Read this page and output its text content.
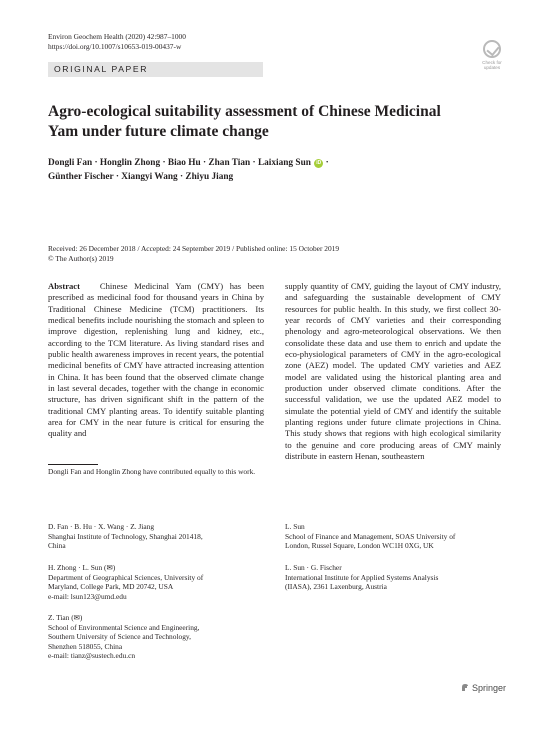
Environ Geochem Health (2020) 42:987–1000
https://doi.org/10.1007/s10653-019-00437-w
Check for
updates
ORIGINAL PAPER
Agro-ecological suitability assessment of Chinese Medicinal
Yam under future climate change
Dongli Fan · Honglin Zhong · Biao Hu · Zhan Tian · Laixiang Sun iD ·
Günther Fischer · Xiangyi Wang · Zhiyu Jiang
Received: 26 December 2018 / Accepted: 24 September 2019 / Published online: 15 October 2019
© The Author(s) 2019
Abstract Chinese Medicinal Yam (CMY) has been prescribed as medicinal food for thousand years in China by Traditional Chinese Medicine (TCM) practitioners. Its medical benefits include nourishing the stomach and spleen to improve digestion, replenishing lung and kidney, etc., according to the TCM literature. As living standard rises and public health awareness improves in recent years, the potential medicinal benefits of CMY have attracted increasing attention in China. It has been found that the observed climate change in last several decades, together with the change in economic structure, has driven significant shift in the pattern of the traditional CMY planting areas. To identify suitable planting area for CMY in the near future is critical for ensuring the quality and
supply quantity of CMY, guiding the layout of CMY industry, and safeguarding the sustainable development of CMY resources for public health. In this study, we first collect 30-year records of CMY varieties and their corresponding phenology and agro-meteorological observations. We then consolidate these data and use them to enrich and update the eco-physiological parameters of CMY in the agro-ecological zone (AEZ) model. The updated CMY varieties and AEZ model are validated using the historical planting area and production under observed climate conditions. After the successful validation, we use the updated AEZ model to simulate the potential yield of CMY and identify the suitable planting regions under future climate projections in China. This study shows that regions with high ecological similarity to the genuine and core producing areas of CMY mainly distribute in eastern Henan, southeastern
Dongli Fan and Honglin Zhong have contributed equally to this work.
D. Fan · B. Hu · X. Wang · Z. Jiang
Shanghai Institute of Technology, Shanghai 201418,
China
H. Zhong · L. Sun (✉)
Department of Geographical Sciences, University of
Maryland, College Park, MD 20742, USA
e-mail: lsun123@umd.edu
Z. Tian (✉)
School of Environmental Science and Engineering,
Southern University of Science and Technology,
Shenzhen 518055, China
e-mail: tianz@sustech.edu.cn
L. Sun
School of Finance and Management, SOAS University of
London, Russel Square, London WC1H 0XG, UK
L. Sun · G. Fischer
International Institute for Applied Systems Analysis
(IIASA), 2361 Laxenburg, Austria
Springer
